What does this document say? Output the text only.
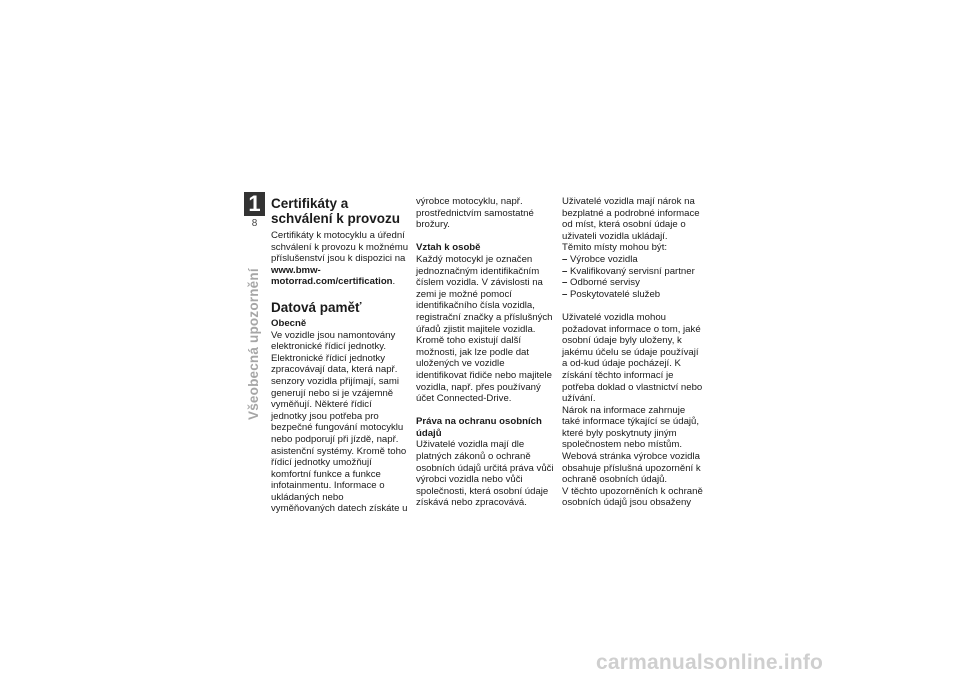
1
8
Všeobecná upozornění
Certifikáty a schválení k provozu

Certifikáty k motocyklu a úřední schválení k provozu k možnému příslušenství jsou k dispozici na www.bmw-motorrad.com/certification.

Datová paměť
Obecně

Ve vozidle jsou namontovány elektronické řídicí jednotky. Elektronické řídicí jednotky zpracovávají data, která např. senzory vozidla přijímají, sami generují nebo si je vzájemně vyměňují. Některé řídicí jednotky jsou potřeba pro bezpečné fungování motocyklu nebo podporují při jízdě, např. asistenční systémy. Kromě toho řídicí jednotky umožňují komfortní funkce a funkce infotainmentu. Informace o ukládaných nebo vyměňovaných datech získáte u

výrobce motocyklu, např. prostřednictvím samostatné brožury.

Vztah k osobě

Každý motocykl je označen jednoznačným identifikačním číslem vozidla. V závislosti na zemi je možné pomocí identifikačního čísla vozidla, registrační značky a příslušných úřadů zjistit majitele vozidla. Kromě toho existují další možnosti, jak lze podle dat uložených ve vozidle identifikovat řidiče nebo majitele vozidla, např. přes používaný účet Connected-Drive.

Práva na ochranu osobních údajů

Uživatelé vozidla mají dle platných zákonů o ochraně osobních údajů určitá práva vůči výrobci vozidla nebo vůči společnosti, která osobní údaje získává nebo zpracovává.

Uživatelé vozidla mají nárok na bezplatné a podrobné informace od míst, která osobní údaje o uživateli vozidla ukládají.

Těmito místy mohou být:

– Výrobce vozidla
– Kvalifikovaný servisní partner
– Odborné servisy
– Poskytovatelé služeb

Uživatelé vozidla mohou požadovat informace o tom, jaké osobní údaje byly uloženy, k jakému účelu se údaje používají a od-kud údaje pocházejí. K získání těchto informací je potřeba doklad o vlastnictví nebo užívání.

Nárok na informace zahrnuje také informace týkající se údajů, které byly poskytnuty jiným společnostem nebo místům.

Webová stránka výrobce vozidla obsahuje příslušná upozornění k ochraně osobních údajů.

V těchto upozorněních k ochraně osobních údajů jsou obsaženy

carmanualsonline.info
